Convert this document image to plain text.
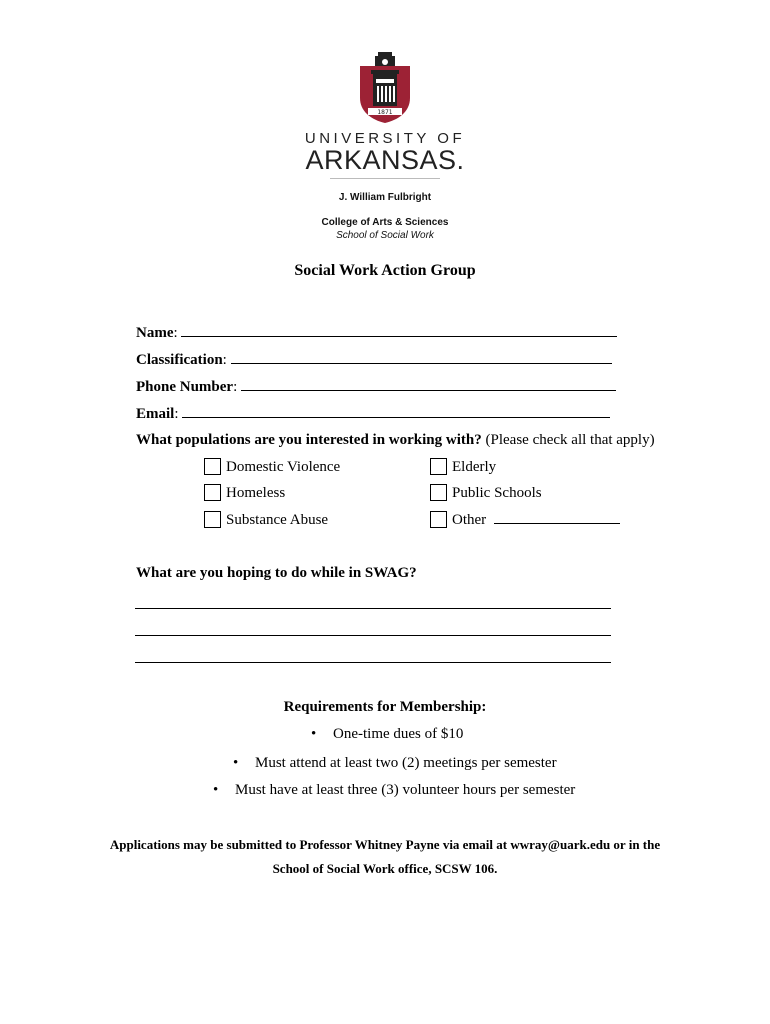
1871
UNIVERSITY OF
ARKANSAS.
J. William Fulbright
College of Arts & Sciences
School of Social Work
Social Work Action Group
Name:
Classification:
Phone Number:
Email:
What populations are you interested in working with? (Please check all that apply)
Domestic Violence	Elderly
Homeless	Public Schools
Substance Abuse	Other
What are you hoping to do while in SWAG?
Requirements for Membership:
• One-time dues of $10
• Must attend at least two (2) meetings per semester
• Must have at least three (3) volunteer hours per semester
Applications may be submitted to Professor Whitney Payne via email at wwray@uark.edu or in the
School of Social Work office, SCSW 106.
